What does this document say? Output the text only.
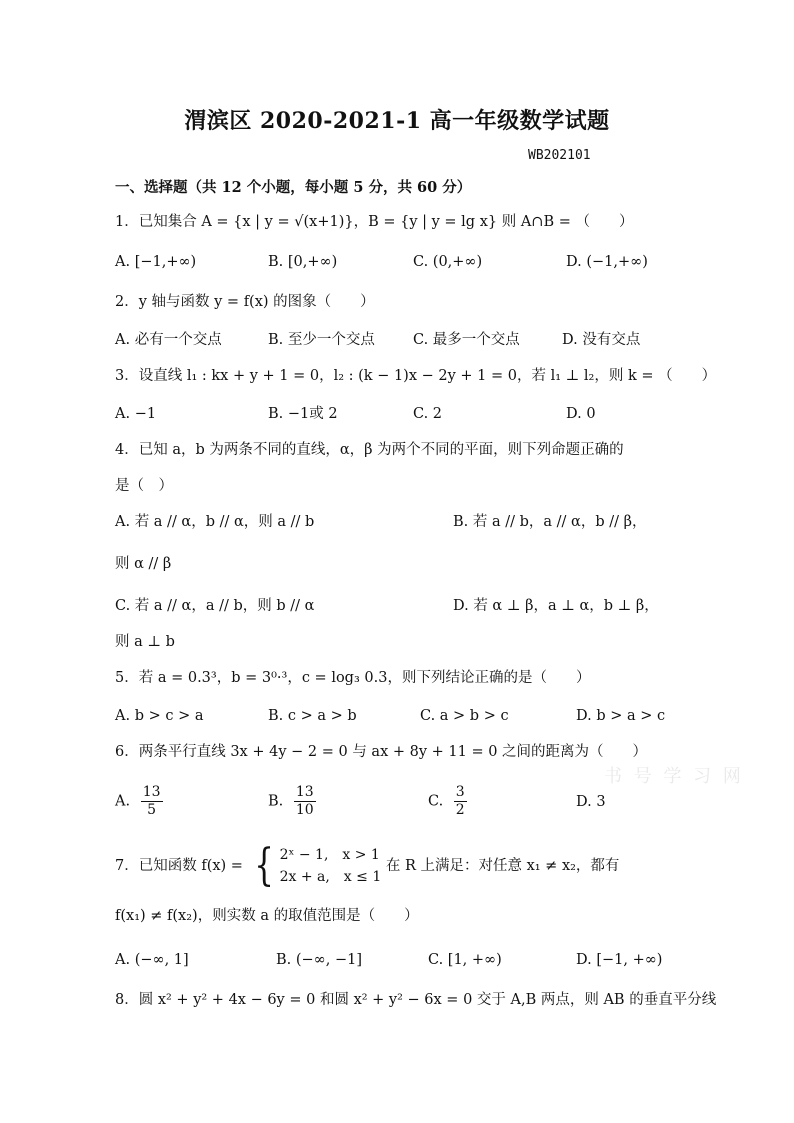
渭滨区 2020-2021-1 高一年级数学试题
WB202101
一、选择题（共 12 个小题，每小题 5 分，共 60 分）
1．已知集合 A = {x | y = √(x+1)}，B = {y | y = lg x} 则 A∩B = （　　）
A. [−1,+∞)	B. [0,+∞)	C. (0,+∞)	D. (−1,+∞)
2．y 轴与函数 y = f(x) 的图象（　　）
A. 必有一个交点	B. 至少一个交点	C. 最多一个交点	D. 没有交点
3．设直线 l₁ : kx + y + 1 = 0，l₂ : (k − 1)x − 2y + 1 = 0，若 l₁ ⊥ l₂，则 k = （　　）
A. −1	B. −1或 2	C. 2	D. 0
4．已知 a，b 为两条不同的直线，α，β 为两个不同的平面，则下列命题正确的
是（　）
A. 若 a // α，b // α，则 a // b	B. 若 a // b，a // α，b // β，
则 α // β
C. 若 a // α，a // b，则 b // α	D. 若 α ⊥ β，a ⊥ α，b ⊥ β，
则 a ⊥ b
5．若 a = 0.3³，b = 3⁰·³，c = log₃ 0.3，则下列结论正确的是（　　）
A. b > c > a	B. c > a > b	C. a > b > c	D. b > a > c
6．两条平行直线 3x + 4y − 2 = 0 与 ax + 8y + 11 = 0 之间的距离为（　　）
A. $\frac{13}{5}$	B. $\frac{13}{10}$	C. $\frac{3}{2}$	D. 3
书 号 学 习 网
7．已知函数 f(x) = { 2ˣ − 1,　x > 1
2x + a,　x ≤ 1
在 R 上满足：对任意 x₁ ≠ x₂，都有
f(x₁) ≠ f(x₂)，则实数 a 的取值范围是（　　）
A. (−∞, 1]	B. (−∞, −1]	C. [1, +∞)	D. [−1, +∞)
8．圆 x² + y² + 4x − 6y = 0 和圆 x² + y² − 6x = 0 交于 A,B 两点，则 AB 的垂直平分线
